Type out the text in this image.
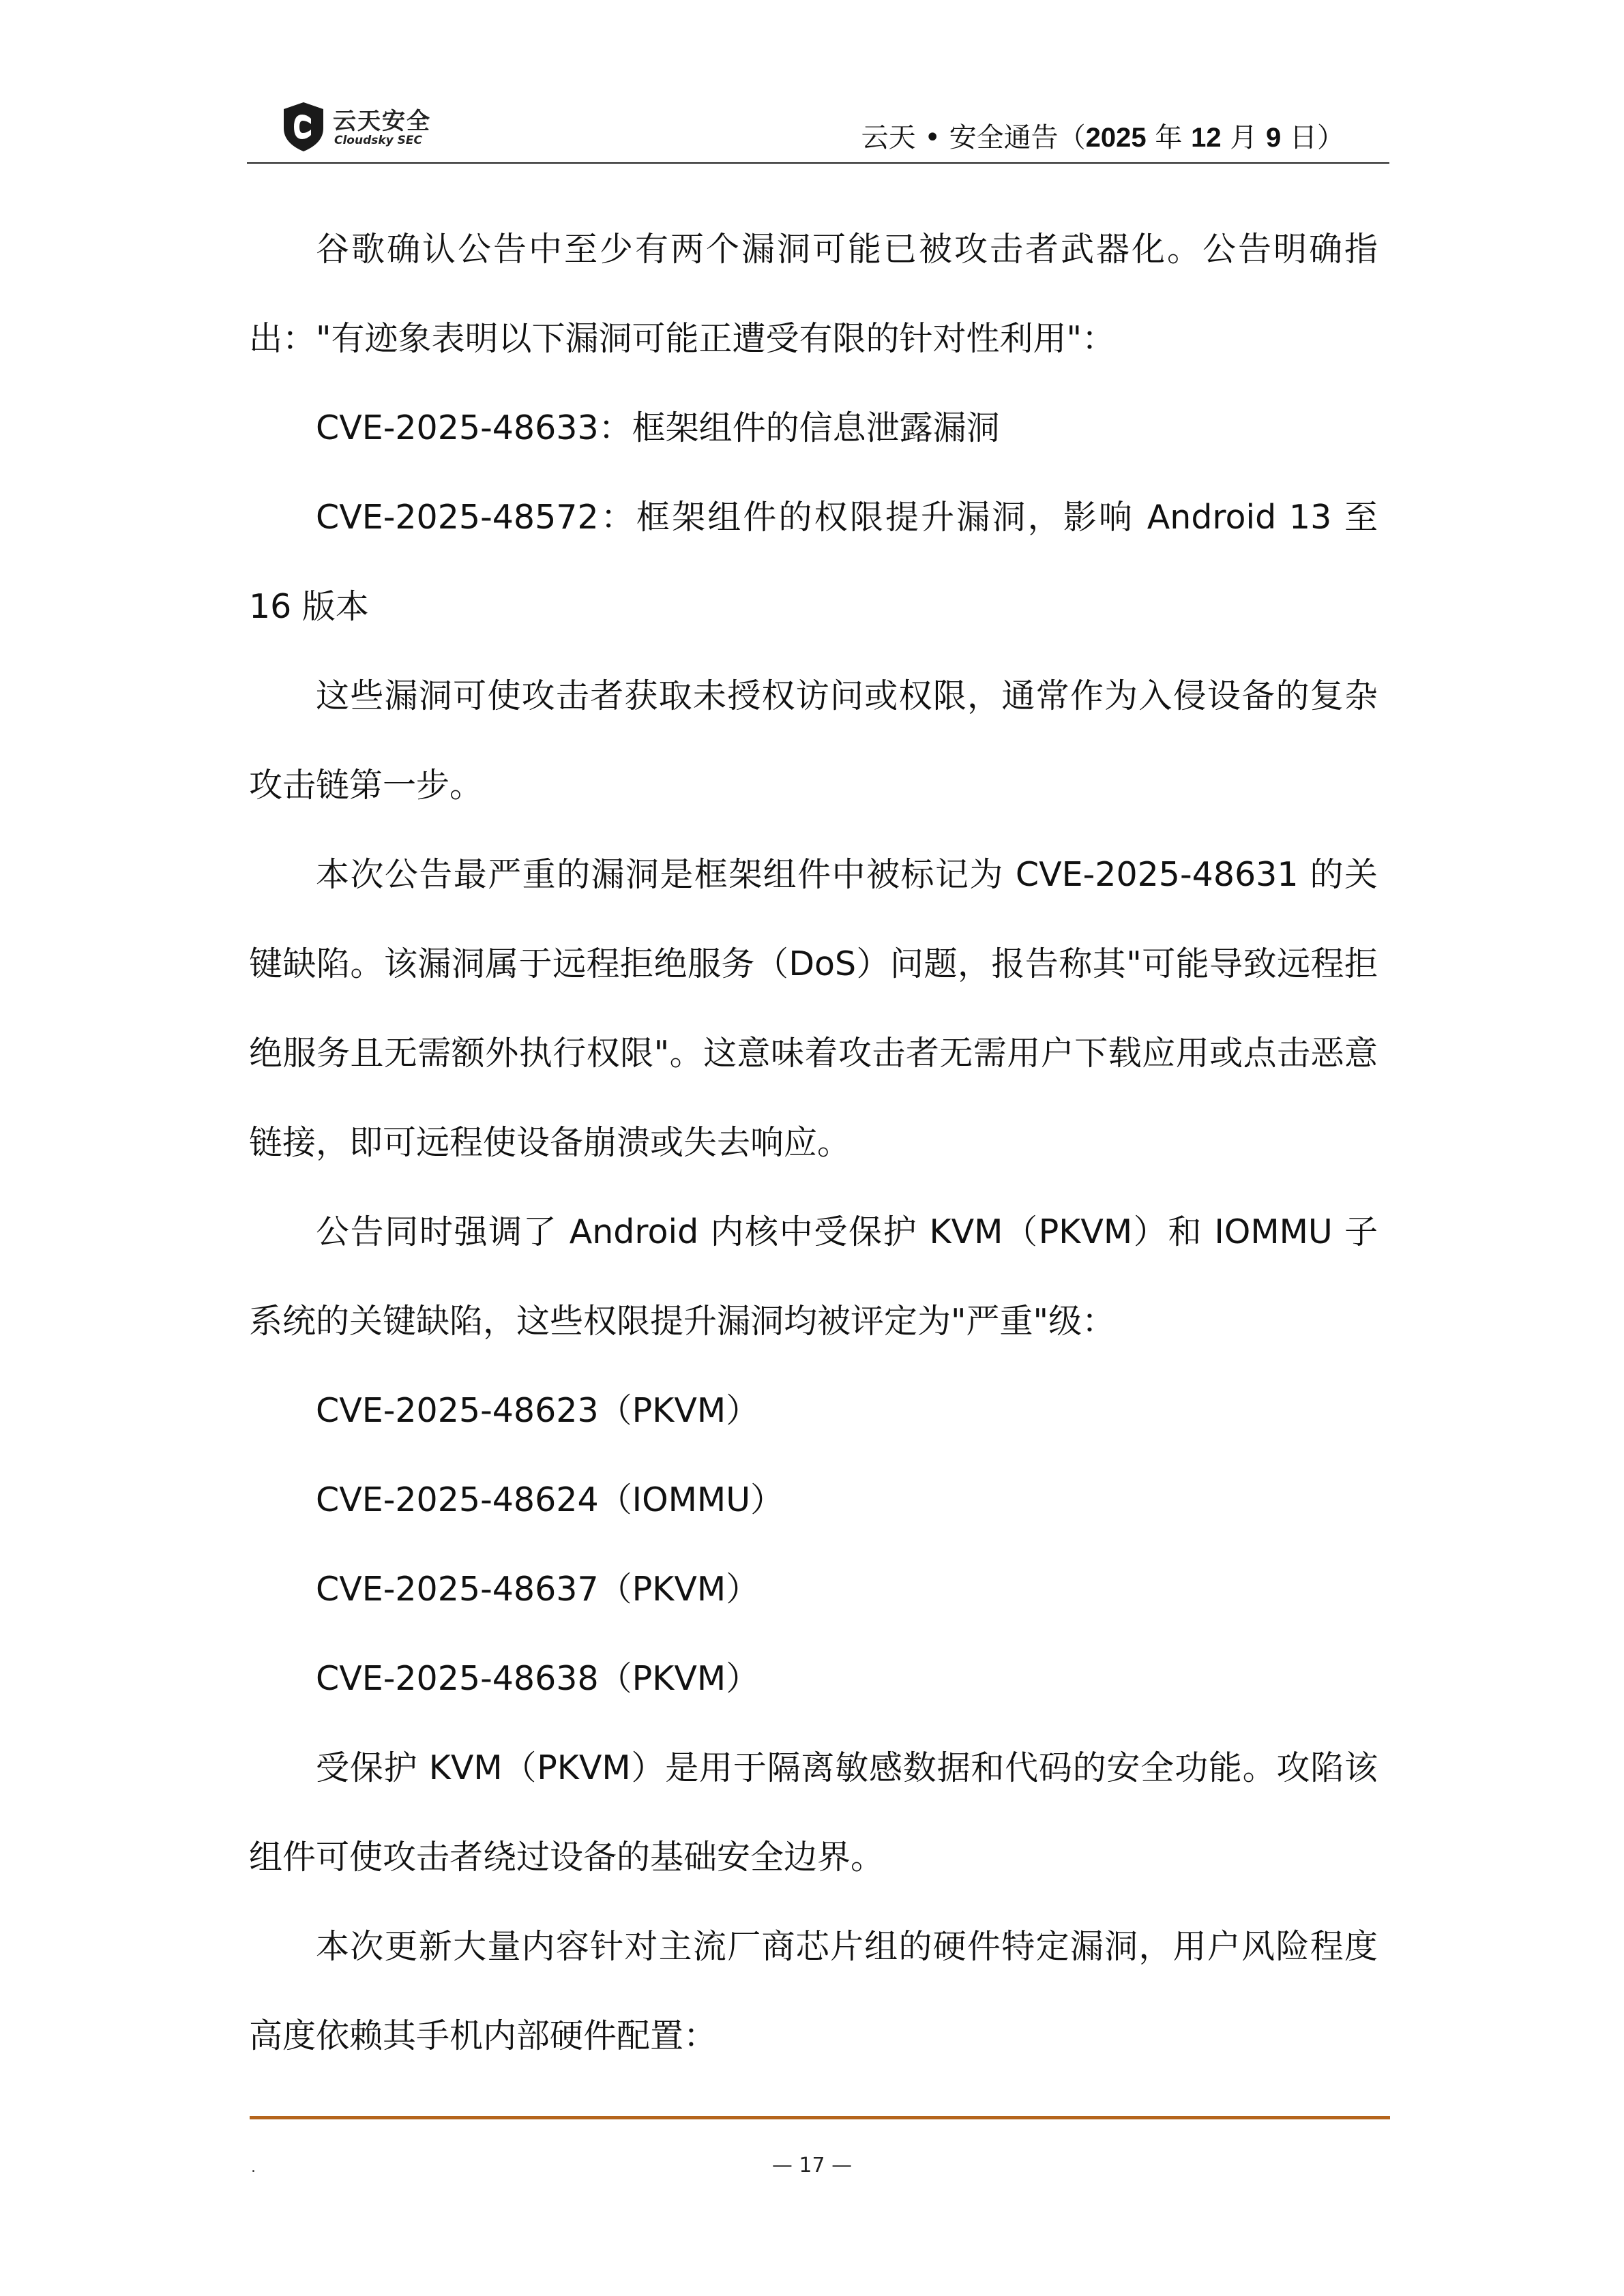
云天安全
Cloudsky SEC	云天 • 安全通告（2025 年 12 月 9 日）

谷歌确认公告中至少有两个漏洞可能已被攻击者武器化。公告明确指出："有迹象表明以下漏洞可能正遭受有限的针对性利用"：

CVE-2025-48633：框架组件的信息泄露漏洞

CVE-2025-48572：框架组件的权限提升漏洞，影响 Android 13 至 16 版本

这些漏洞可使攻击者获取未授权访问或权限，通常作为入侵设备的复杂攻击链第一步。

本次公告最严重的漏洞是框架组件中被标记为 CVE-2025-48631 的关键缺陷。该漏洞属于远程拒绝服务（DoS）问题，报告称其"可能导致远程拒绝服务且无需额外执行权限"。这意味着攻击者无需用户下载应用或点击恶意链接，即可远程使设备崩溃或失去响应。

公告同时强调了 Android 内核中受保护 KVM（PKVM）和 IOMMU 子系统的关键缺陷，这些权限提升漏洞均被评定为"严重"级：

CVE-2025-48623（PKVM）

CVE-2025-48624（IOMMU）

CVE-2025-48637（PKVM）

CVE-2025-48638（PKVM）

受保护 KVM（PKVM）是用于隔离敏感数据和代码的安全功能。攻陷该组件可使攻击者绕过设备的基础安全边界。

本次更新大量内容针对主流厂商芯片组的硬件特定漏洞，用户风险程度高度依赖其手机内部硬件配置：

.	— 17 —
